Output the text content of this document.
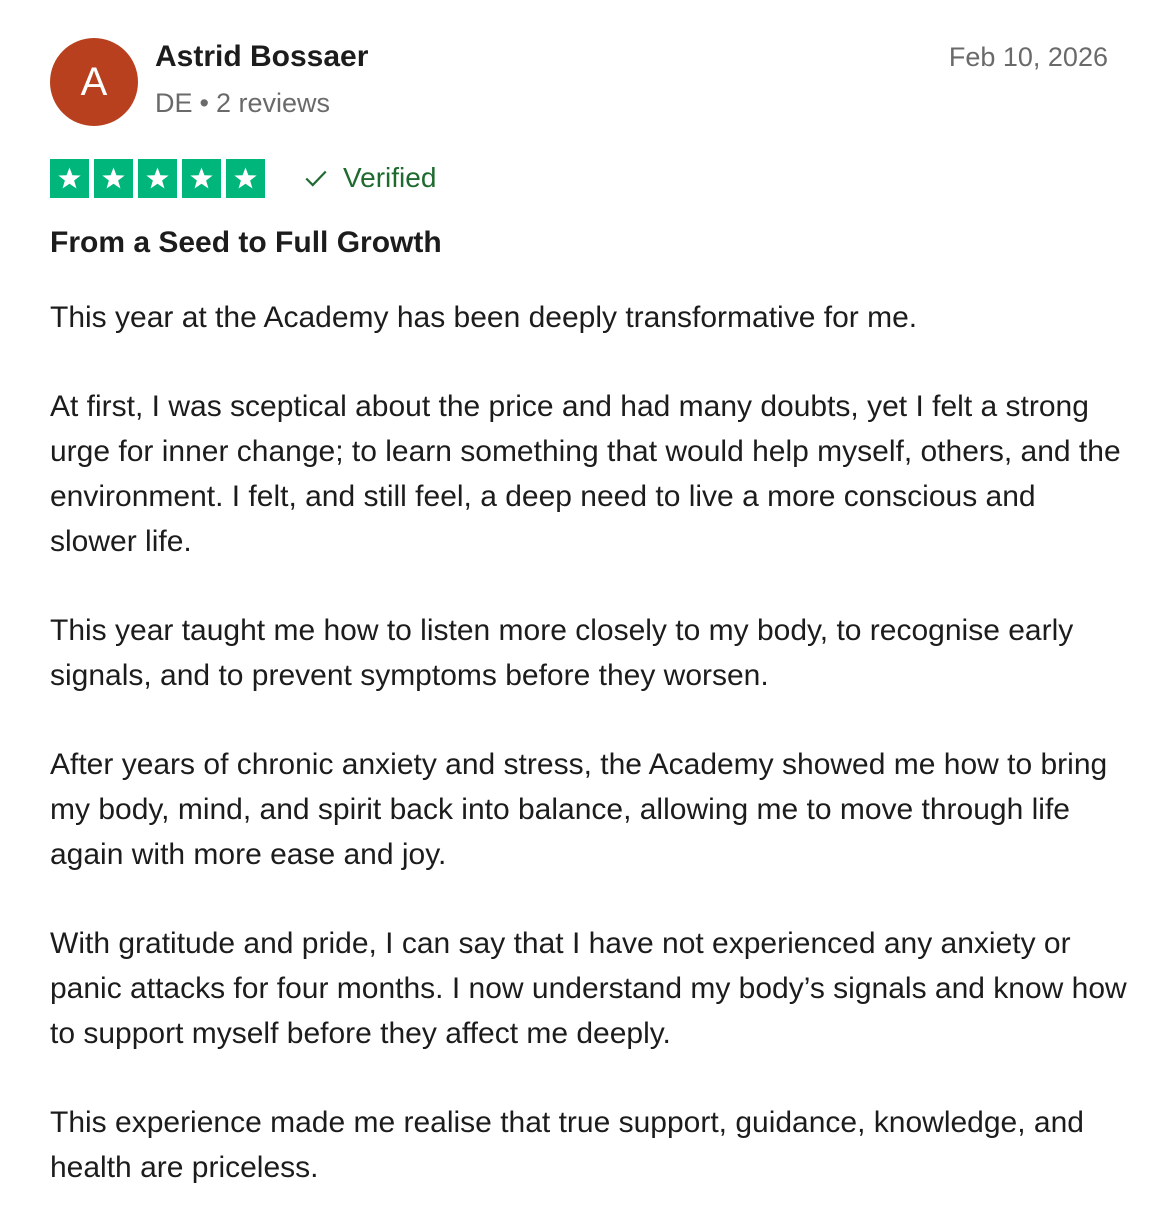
A
Astrid Bossaer
DE • 2 reviews
Feb 10, 2026
Verified
From a Seed to Full Growth

This year at the Academy has been deeply transformative for me.

At first, I was sceptical about the price and had many doubts, yet I felt a strong urge for inner change; to learn something that would help myself, others, and the environment. I felt, and still feel, a deep need to live a more conscious and slower life.

This year taught me how to listen more closely to my body, to recognise early signals, and to prevent symptoms before they worsen.

After years of chronic anxiety and stress, the Academy showed me how to bring my body, mind, and spirit back into balance, allowing me to move through life again with more ease and joy.

With gratitude and pride, I can say that I have not experienced any anxiety or panic attacks for four months. I now understand my body’s signals and know how to support myself before they affect me deeply.

This experience made me realise that true support, guidance, knowledge, and health are priceless.
